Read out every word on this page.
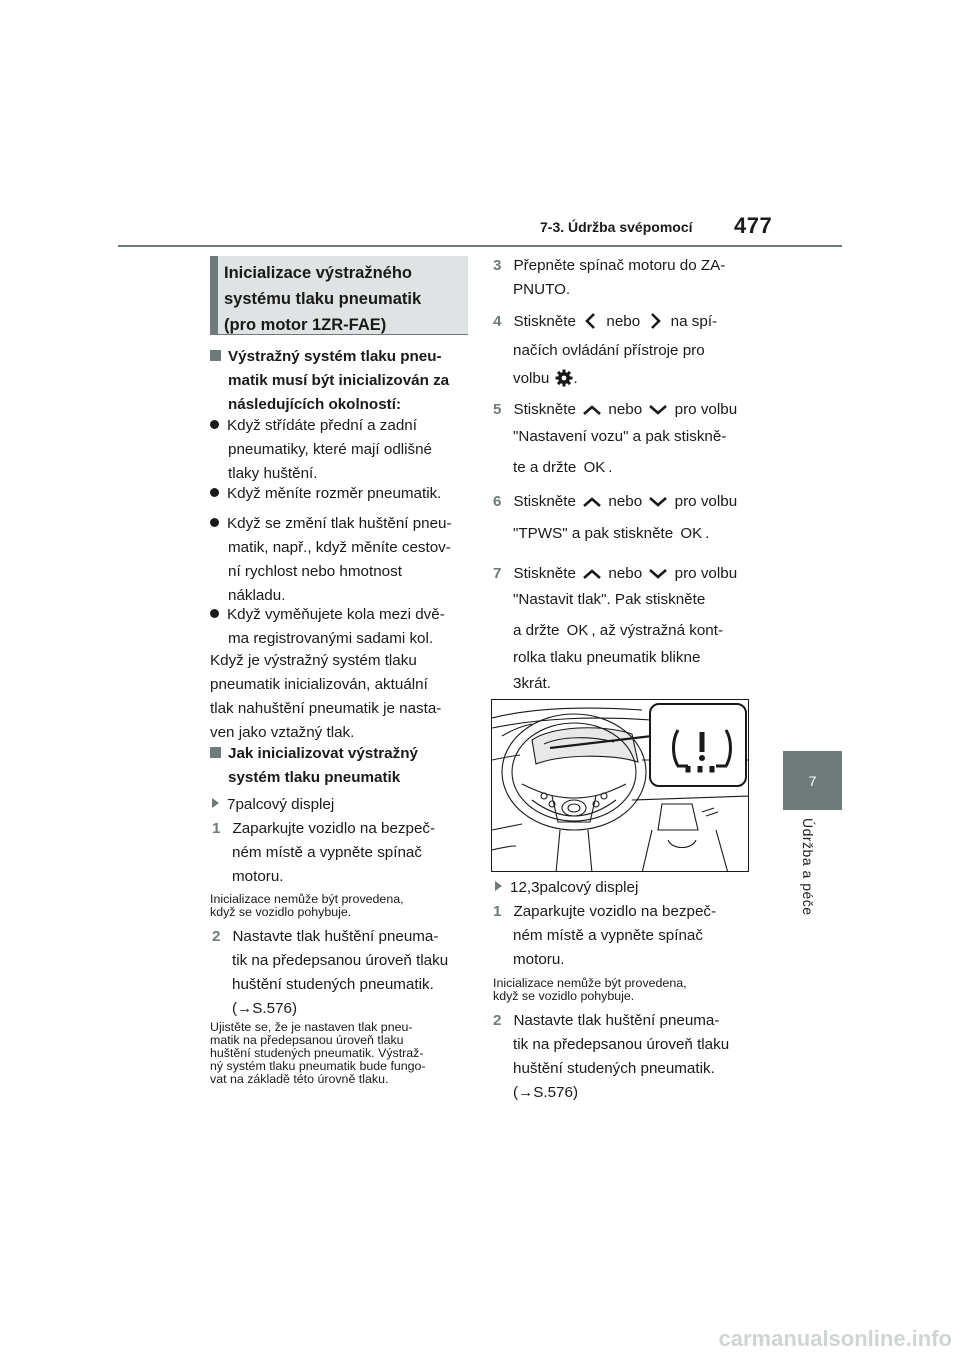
7-3. Údržba svépomocí 477
7
Údržba a péče
Inicializace výstražného
systému tlaku pneumatik
(pro motor 1ZR-FAE)
Výstražný systém tlaku pneu-
matik musí být inicializován za
následujících okolností:
Když střídáte přední a zadní
pneumatiky, které mají odlišné
tlaky huštění.
Když měníte rozměr pneumatik.
Když se změní tlak huštění pneu-
matik, např., když měníte cestov-
ní rychlost nebo hmotnost
nákladu.
Když vyměňujete kola mezi dvě-
ma registrovanými sadami kol.
Když je výstražný systém tlaku
pneumatik inicializován, aktuální
tlak nahuštění pneumatik je nasta-
ven jako vztažný tlak.
Jak inicializovat výstražný
systém tlaku pneumatik
7palcový displej
1 Zaparkujte vozidlo na bezpeč-
ném místě a vypněte spínač
motoru.
Inicializace nemůže být provedena,
když se vozidlo pohybuje.
2 Nastavte tlak huštění pneuma-
tik na předepsanou úroveň tlaku
huštění studených pneumatik.
(→S.576)
Ujistěte se, že je nastaven tlak pneu-
matik na předepsanou úroveň tlaku
huštění studených pneumatik. Výstraž-
ný systém tlaku pneumatik bude fungo-
vat na základě této úrovně tlaku.
3 Přepněte spínač motoru do ZA-
PNUTO.
4 Stiskněte nebo na spí-
načích ovládání přístroje pro
volbu .
5 Stiskněte nebo pro volbu
"Nastavení vozu" a pak stiskně-
te a držte OK .
6 Stiskněte nebo pro volbu
"TPWS" a pak stiskněte OK .
7 Stiskněte nebo pro volbu
"Nastavit tlak". Pak stiskněte
a držte OK , až výstražná kont-
rolka tlaku pneumatik blikne
3krát.
12,3palcový displej
1 Zaparkujte vozidlo na bezpeč-
ném místě a vypněte spínač
motoru.
Inicializace nemůže být provedena,
když se vozidlo pohybuje.
2 Nastavte tlak huštění pneuma-
tik na předepsanou úroveň tlaku
huštění studených pneumatik.
(→S.576)
carmanualsonline.info
